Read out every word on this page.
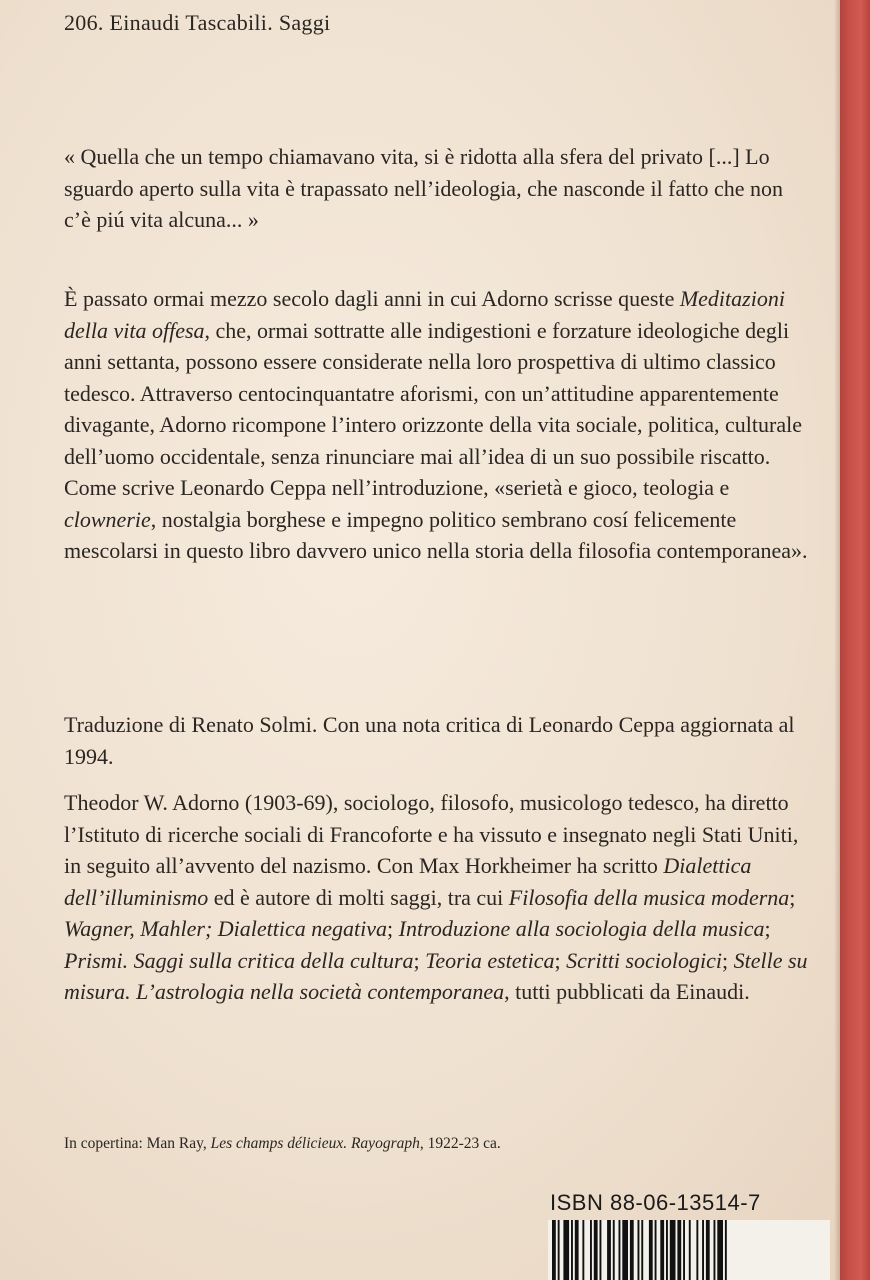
206. Einaudi Tascabili. Saggi

« Quella che un tempo chiamavano vita, si è ridotta alla sfera del privato [...] Lo sguardo aperto sulla vita è trapassato nell’ideologia, che nasconde il fatto che non c’è piú vita alcuna... »

È passato ormai mezzo secolo dagli anni in cui Adorno scrisse queste Meditazioni della vita offesa, che, ormai sottratte alle indigestioni e forzature ideologiche degli anni settanta, possono essere considerate nella loro prospettiva di ultimo classico tedesco. Attraverso centocinquantatre aforismi, con un’attitudine apparentemente divagante, Adorno ricompone l’intero orizzonte della vita sociale, politica, culturale dell’uomo occidentale, senza rinunciare mai all’idea di un suo possibile riscatto. Come scrive Leonardo Ceppa nell’introduzione, «serietà e gioco, teologia e clownerie, nostalgia borghese e impegno politico sembrano cosí felicemente mescolarsi in questo libro davvero unico nella storia della filosofia contemporanea».

Traduzione di Renato Solmi. Con una nota critica di Leonardo Ceppa aggiornata al 1994.

Theodor W. Adorno (1903-69), sociologo, filosofo, musicologo tedesco, ha diretto l’Istituto di ricerche sociali di Francoforte e ha vissuto e insegnato negli Stati Uniti, in seguito all’avvento del nazismo. Con Max Horkheimer ha scritto Dialettica dell’illuminismo ed è autore di molti saggi, tra cui Filosofia della musica moderna; Wagner, Mahler; Dialettica negativa; Introduzione alla sociologia della musica; Prismi. Saggi sulla critica della cultura; Teoria estetica; Scritti sociologici; Stelle su misura. L’astrologia nella società contemporanea, tutti pubblicati da Einaudi.

In copertina: Man Ray, Les champs délicieux. Rayograph, 1922-23 ca.
ISBN 88-06-13514-7
